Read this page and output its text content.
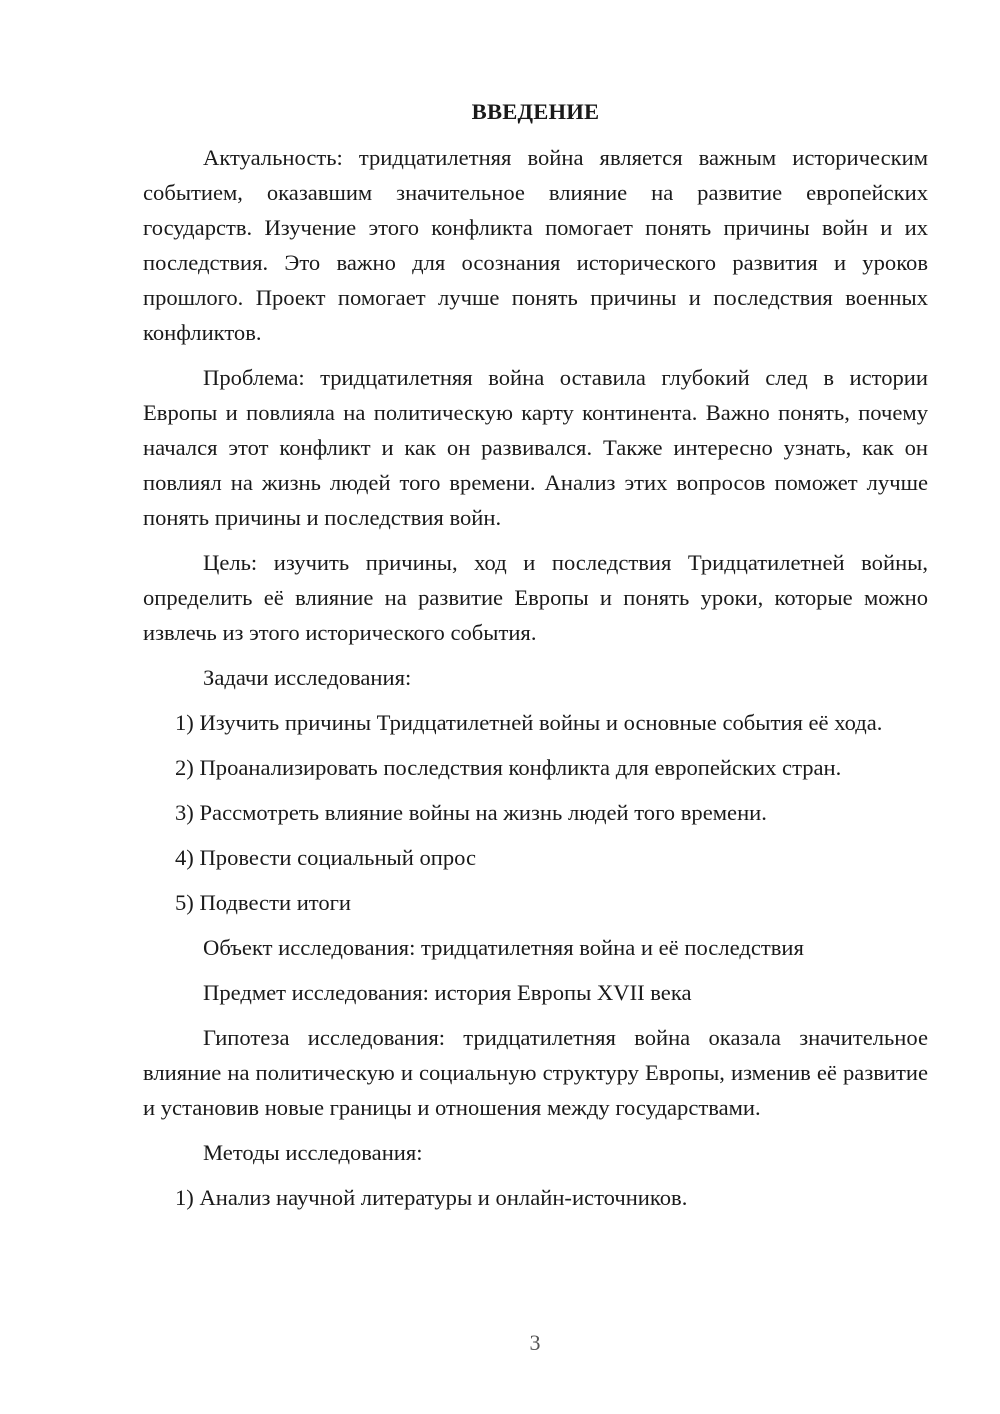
ВВЕДЕНИЕ

Актуальность: тридцатилетняя война является важным историческим событием, оказавшим значительное влияние на развитие европейских государств. Изучение этого конфликта помогает понять причины войн и их последствия. Это важно для осознания исторического развития и уроков прошлого. Проект помогает лучше понять причины и последствия военных конфликтов.

Проблема: тридцатилетняя война оставила глубокий след в истории Европы и повлияла на политическую карту континента. Важно понять, почему начался этот конфликт и как он развивался. Также интересно узнать, как он повлиял на жизнь людей того времени. Анализ этих вопросов поможет лучше понять причины и последствия войн.

Цель: изучить причины, ход и последствия Тридцатилетней войны, определить её влияние на развитие Европы и понять уроки, которые можно извлечь из этого исторического события.

Задачи исследования:

1) Изучить причины Тридцатилетней войны и основные события её хода.

2) Проанализировать последствия конфликта для европейских стран.

3) Рассмотреть влияние войны на жизнь людей того времени.

4) Провести социальный опрос

5) Подвести итоги

Объект исследования: тридцатилетняя война и её последствия

Предмет исследования: история Европы XVII века

Гипотеза исследования: тридцатилетняя война оказала значительное влияние на политическую и социальную структуру Европы, изменив её развитие и установив новые границы и отношения между государствами.

Методы исследования:

1) Анализ научной литературы и онлайн-источников.

3
